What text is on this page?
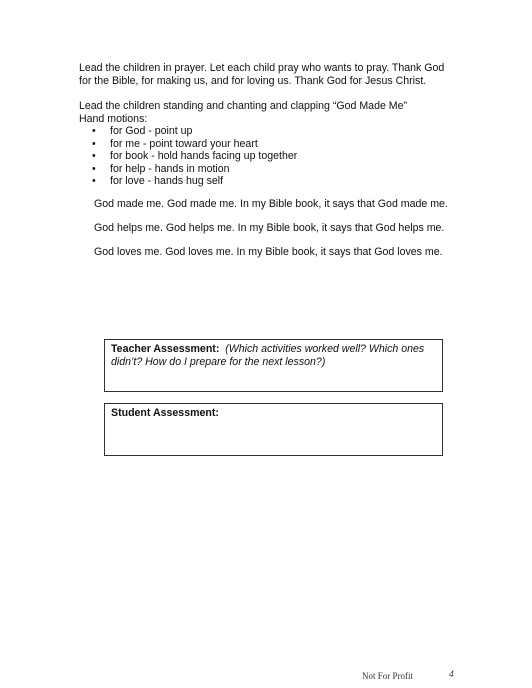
Lead the children in prayer. Let each child pray who wants to pray. Thank God
for the Bible, for making us, and for loving us. Thank God for Jesus Christ.

Lead the children standing and chanting and clapping “God Made Me”
Hand motions:

• for God - point up
• for me - point toward your heart
• for book - hold hands facing up together
• for help - hands in motion
• for love - hands hug self

God made me. God made me. In my Bible book, it says that God made me.

God helps me. God helps me. In my Bible book, it says that God helps me.

God loves me. God loves me. In my Bible book, it says that God loves me.

Teacher Assessment: (Which activities worked well? Which ones
didn’t? How do I prepare for the next lesson?)
Student Assessment:
Not For Profit	4
